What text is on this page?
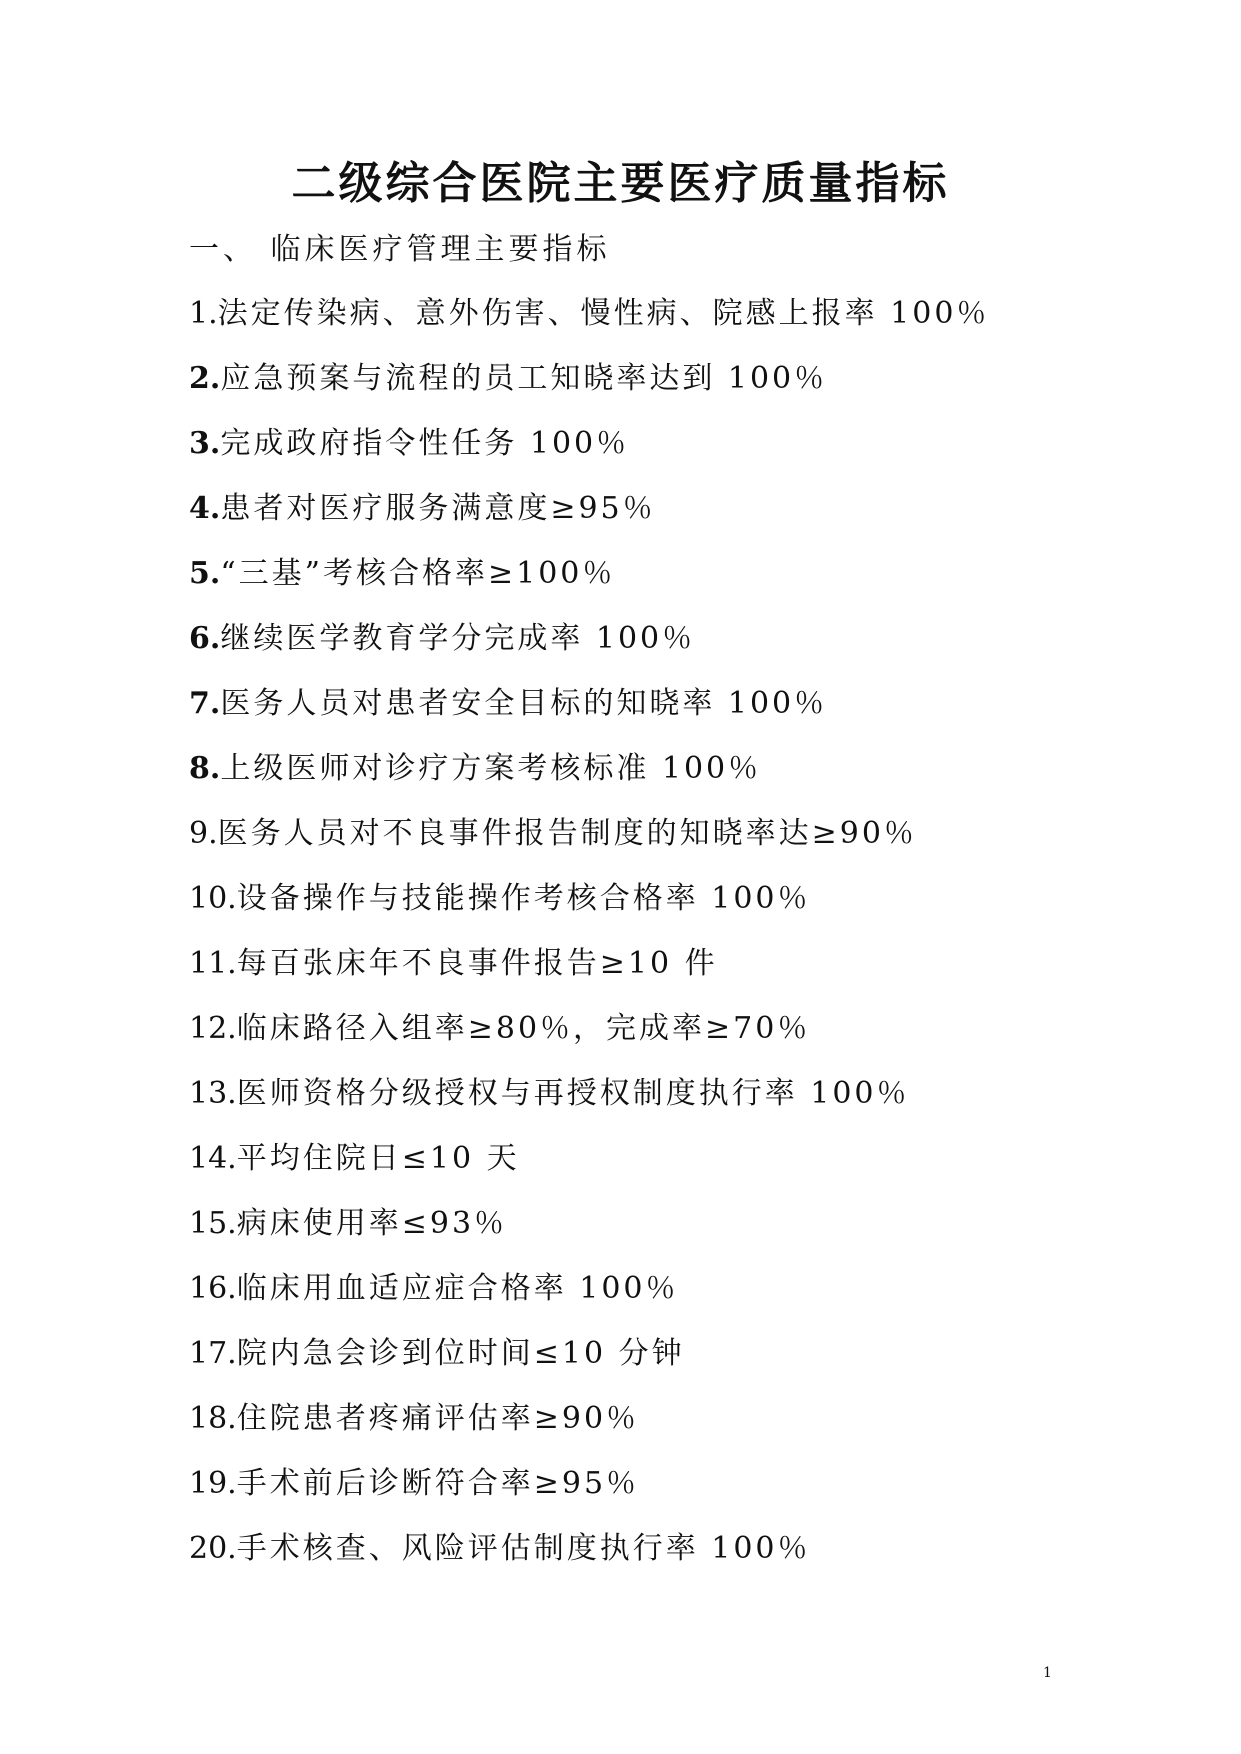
二级综合医院主要医疗质量指标
一、 临床医疗管理主要指标
1.法定传染病、意外伤害、慢性病、院感上报率 100％
2.应急预案与流程的员工知晓率达到 100％
3.完成政府指令性任务 100％
4.患者对医疗服务满意度≥95％
5.“三基”考核合格率≥100％
6.继续医学教育学分完成率 100％
7.医务人员对患者安全目标的知晓率 100％
8.上级医师对诊疗方案考核标准 100％
9.医务人员对不良事件报告制度的知晓率达≥90％
10.设备操作与技能操作考核合格率 100％
11.每百张床年不良事件报告≥10 件
12.临床路径入组率≥80％，完成率≥70％
13.医师资格分级授权与再授权制度执行率 100％
14.平均住院日≤10 天
15.病床使用率≤93％
16.临床用血适应症合格率 100％
17.院内急会诊到位时间≤10 分钟
18.住院患者疼痛评估率≥90％
19.手术前后诊断符合率≥95％
20.手术核查、风险评估制度执行率 100％
1
